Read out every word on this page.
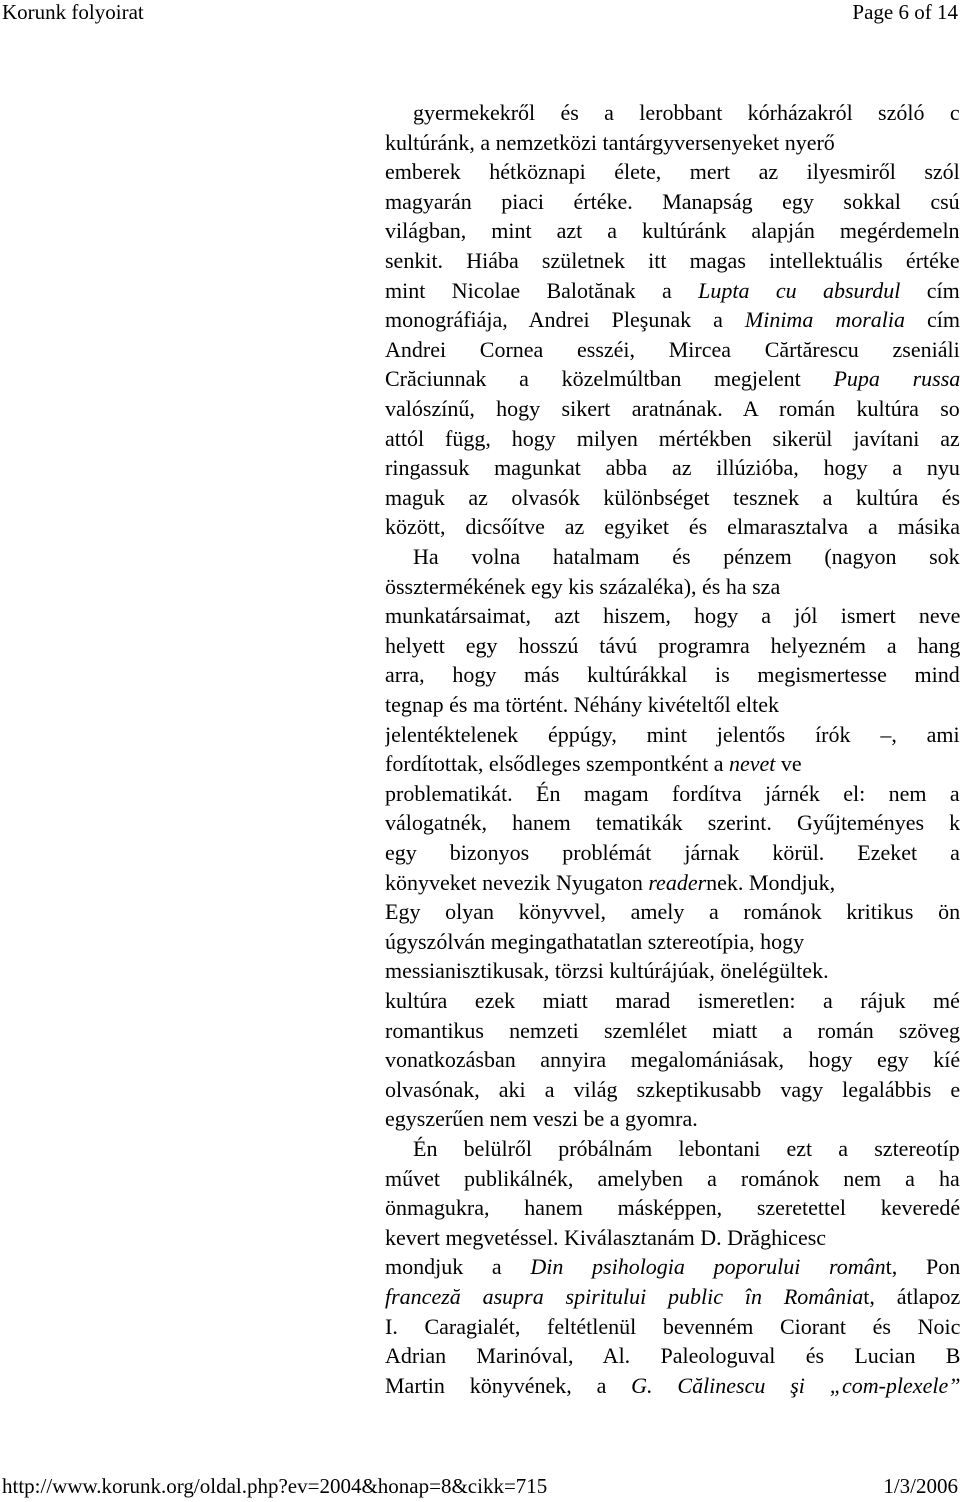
Korunk folyoirat	Page 6 of 14
gyermekekről és a lerobbant kórházakról szóló c
kultúránk, a nemzetközi tantárgyversenyeket nyerő
emberek hétköznapi élete, mert az ilyesmiről szól
magyarán piaci értéke. Manapság egy sokkal csú
világban, mint azt a kultúránk alapján megérdemeln
senkit. Hiába születnek itt magas intellektuális értéke
mint Nicolae Balotănak a Lupta cu absurdul cím
monográfiája, Andrei Pleşunak a Minima moralia cím
Andrei Cornea esszéi, Mircea Cărtărescu zseniáli
Crăciunnak a közelmúltban megjelent Pupa russa
valószínű, hogy sikert aratnának. A román kultúra so
attól függ, hogy milyen mértékben sikerül javítani az
ringassuk magunkat abba az illúzióba, hogy a nyu
maguk az olvasók különbséget tesznek a kultúra és
között, dicsőítve az egyiket és elmarasztalva a másika
Ha volna hatalmam és pénzem (nagyon sok
össztermékének egy kis százaléka), és ha sza
munkatársaimat, azt hiszem, hogy a jól ismert neve
helyett egy hosszú távú programra helyezném a hang
arra, hogy más kultúrákkal is megismertesse mind
tegnap és ma történt. Néhány kivételtől eltek
jelentéktelenek éppúgy, mint jelentős írók –, ami
fordítottak, elsődleges szempontként a nevet ve
problematikát. Én magam fordítva járnék el: nem a
válogatnék, hanem tematikák szerint. Gyűjteményes k
egy bizonyos problémát járnak körül. Ezeket a
könyveket nevezik Nyugaton readernek. Mondjuk,
Egy olyan könyvvel, amely a románok kritikus ön
úgyszólván megingathatatlan sztereotípia, hogy
messianisztikusak, törzsi kultúrájúak, önelégültek.
kultúra ezek miatt marad ismeretlen: a rájuk mé
romantikus nemzeti szemlélet miatt a román szöveg
vonatkozásban annyira megalomániásak, hogy egy kíé
olvasónak, aki a világ szkeptikusabb vagy legalábbis e
egyszerűen nem veszi be a gyomra.
Én belülről próbálnám lebontani ezt a sztereotíp
művet publikálnék, amelyben a románok nem a ha
önmagukra, hanem másképpen, szeretettel keveredé
kevert megvetéssel. Kiválasztanám D. Drăghicesc
mondjuk a Din psihologia poporului românt, Pon
franceză asupra spiritului public în Româniat, átlapoz
I. Caragialét, feltétlenül bevenném Ciorant és Noic
Adrian Marinóval, Al. Paleologuval és Lucian B
Martin könyvének, a G. Călinescu şi „com-plexele”
http://www.korunk.org/oldal.php?ev=2004&honap=8&cikk=715	1/3/2006
